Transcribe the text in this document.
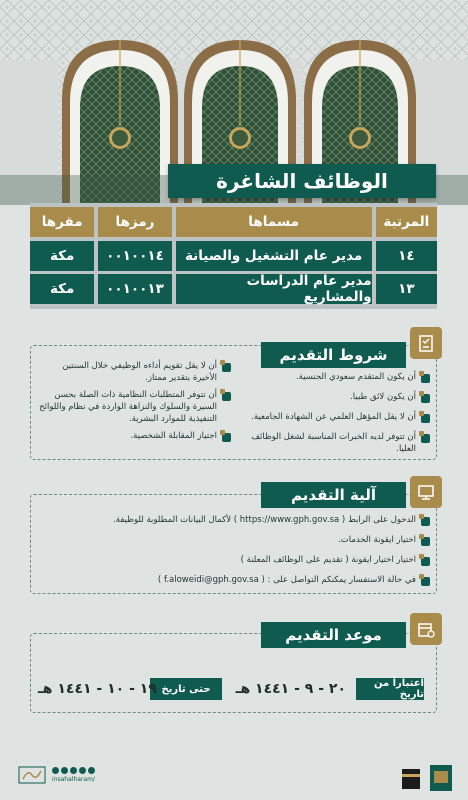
الوظائف الشاغرة
المرتبة
مسماها
رمزها
مقرها
١٤
مدير عام التشغيل والصيانة
٠٠١٠٠١٤
مكة
١٣
مدير عام الدراسات والمشاريع
٠٠١٠٠١٣
مكة
شروط التقديم
أن يكون المتقدم سعودي الجنسية.
أن يكون لائق طبيا.
أن لا يقل المؤهل العلمي عن الشهادة الجامعية.
أن تتوفر لديه الخبرات المناسبة لشغل الوظائف العليا.
أن لا يقل تقويم أداءه الوظيفي خلال السنتين الأخيرة بتقدير ممتاز.
أن تتوفر المتطلبات النظامية ذات الصلة بحسن السيرة والسلوك والنزاهة الواردة في نظام واللوائح التنفيذية للموارد البشرية.
اجتياز المقابلة الشخصية.
آلية التقديم
الدخول على الرابط ( https://www.gph.gov.sa ) لأكمال البيانات المطلوبة للوظيفة.
اختيار ايقونة الخدمات.
اختيار اختيار ايقونة ( تقديم على الوظائف المعلنة )
في حالة الاستفسار يمكنكم التواصل على : ( f.aloweidi@gph.gov.sa )
موعد التقديم
اعتباراً من تاريخ
٢٠ - ٩ - ١٤٤١ هـ
حتى تاريخ
١٩ - ١٠ - ١٤٤١ هـ
/insahalharam
